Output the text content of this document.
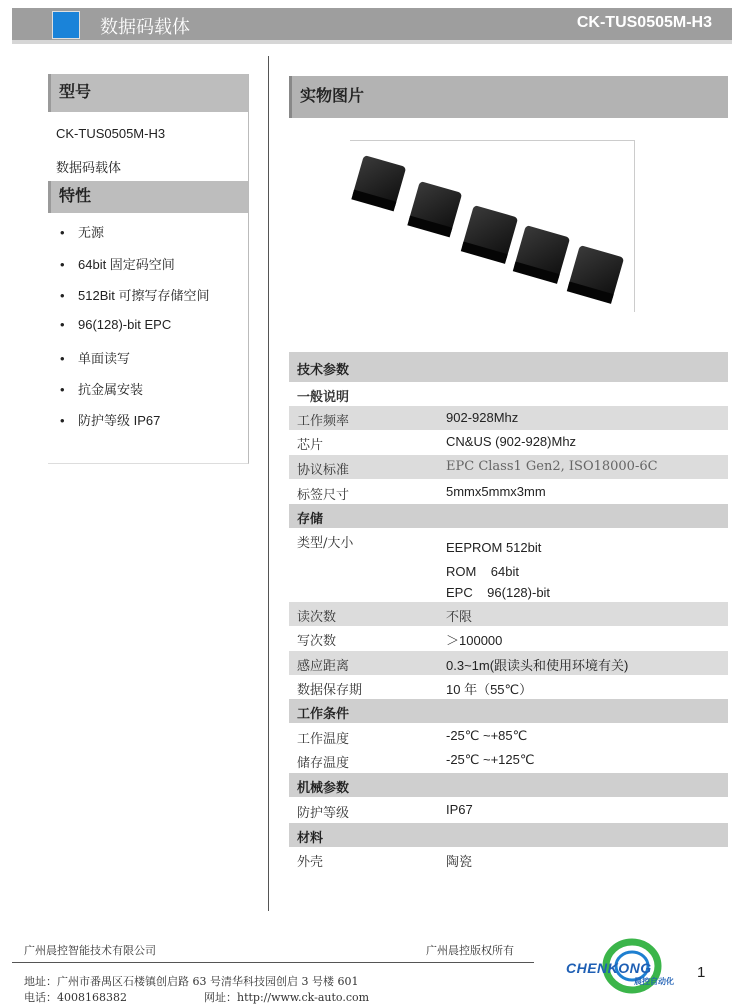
数据码载体	CK-TUS0505M-H3
型号
CK-TUS0505M-H3
数据码载体
特性
• 无源
• 64bit 固定码空间
• 512Bit 可擦写存储空间
• 96(128)-bit EPC
• 单面读写
• 抗金属安装
• 防护等级 IP67
实物图片
技术参数
一般说明
工作频率	902-928Mhz
芯片	CN&US (902-928)Mhz
协议标准	EPC Class1 Gen2, ISO18000-6C
标签尺寸	5mmx5mmx3mm
存储
类型/大小	EEPROM 512bit
ROM    64bit
EPC    96(128)-bit
读次数	不限
写次数	＞100000
感应距离	0.3~1m(跟读头和使用环境有关)
数据保存期	10 年（55℃）
工作条件
工作温度	-25℃ ~+85℃
储存温度	-25℃ ~+125℃
机械参数
防护等级	IP67
材料
外壳	陶瓷
广州晨控智能技术有限公司	广州晨控版权所有
地址：广州市番禺区石楼镇创启路 63 号清华科技园创启 3 号楼 601
电话：4008168382	网址：http://www.ck-auto.com
CHENKONG
晨控自动化
1
